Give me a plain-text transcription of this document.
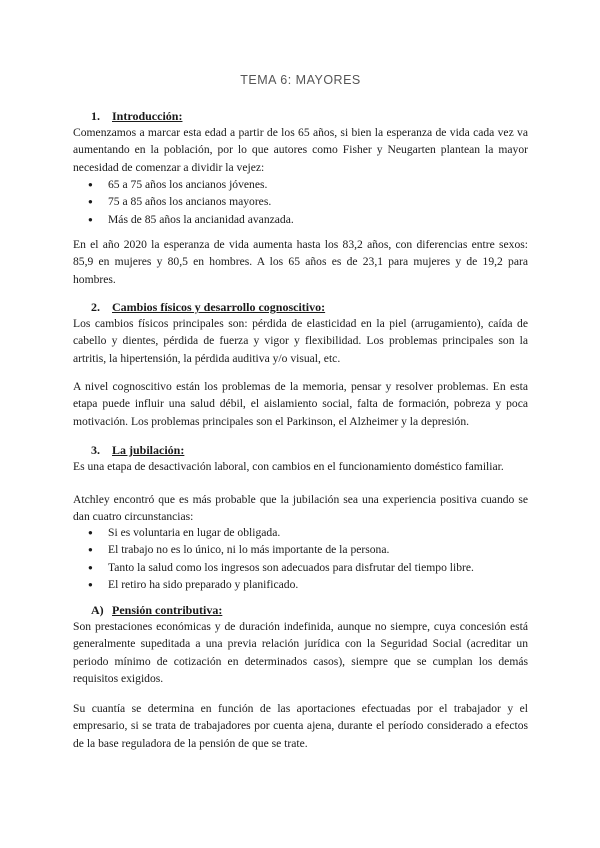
TEMA 6: MAYORES
1. Introducción:

Comenzamos a marcar esta edad a partir de los 65 años, si bien la esperanza de vida cada vez va aumentando en la población, por lo que autores como Fisher y Neugarten plantean la mayor necesidad de comenzar a dividir la vejez:

● 65 a 75 años los ancianos jóvenes.
● 75 a 85 años los ancianos mayores.
● Más de 85 años la ancianidad avanzada.

En el año 2020 la esperanza de vida aumenta hasta los 83,2 años, con diferencias entre sexos: 85,9 en mujeres y 80,5 en hombres. A los 65 años es de 23,1 para mujeres y de 19,2 para hombres.

2. Cambios físicos y desarrollo cognoscitivo:

Los cambios físicos principales son: pérdida de elasticidad en la piel (arrugamiento), caída de cabello y dientes, pérdida de fuerza y vigor y flexibilidad. Los problemas principales son la artritis, la hipertensión, la pérdida auditiva y/o visual, etc.

A nivel cognoscitivo están los problemas de la memoria, pensar y resolver problemas. En esta etapa puede influir una salud débil, el aislamiento social, falta de formación, pobreza y poca motivación. Los problemas principales son el Parkinson, el Alzheimer y la depresión.

3. La jubilación:

Es una etapa de desactivación laboral, con cambios en el funcionamiento doméstico familiar.

Atchley encontró que es más probable que la jubilación sea una experiencia positiva cuando se dan cuatro circunstancias:

● Si es voluntaria en lugar de obligada.
● El trabajo no es lo único, ni lo más importante de la persona.
● Tanto la salud como los ingresos son adecuados para disfrutar del tiempo libre.
● El retiro ha sido preparado y planificado.
A) Pensión contributiva:

Son prestaciones económicas y de duración indefinida, aunque no siempre, cuya concesión está generalmente supeditada a una previa relación jurídica con la Seguridad Social (acreditar un periodo mínimo de cotización en determinados casos), siempre que se cumplan los demás requisitos exigidos.

Su cuantía se determina en función de las aportaciones efectuadas por el trabajador y el empresario, si se trata de trabajadores por cuenta ajena, durante el período considerado a efectos de la base reguladora de la pensión de que se trate.
